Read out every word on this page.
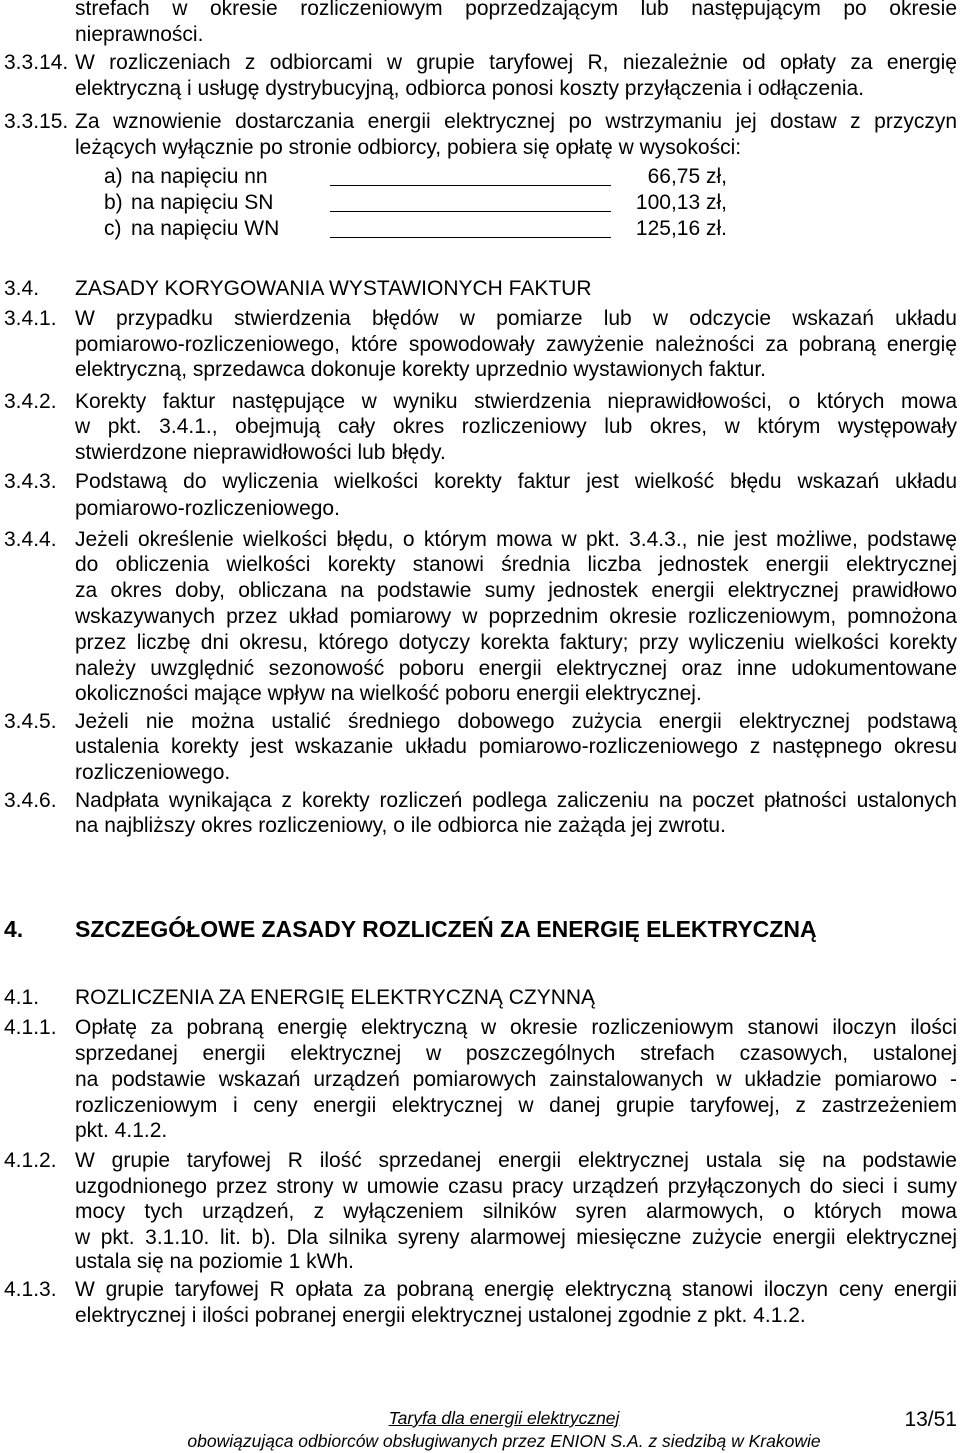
strefach w okresie rozliczeniowym poprzedzającym lub następującym po okresie
nieprawności.
3.3.14. W rozliczeniach z odbiorcami w grupie taryfowej R, niezależnie od opłaty za energię
elektryczną i usługę dystrybucyjną, odbiorca ponosi koszty przyłączenia i odłączenia.
3.3.15. Za wznowienie dostarczania energii elektrycznej po wstrzymaniu jej dostaw z przyczyn
leżących wyłącznie po stronie odbiorcy, pobiera się opłatę w wysokości:
a) na napięciu nn	66,75 zł,
b) na napięciu SN	100,13 zł,
c) na napięciu WN	125,16 zł.
3.4. ZASADY KORYGOWANIA WYSTAWIONYCH FAKTUR
3.4.1. W przypadku stwierdzenia błędów w pomiarze lub w odczycie wskazań układu
pomiarowo-rozliczeniowego, które spowodowały zawyżenie należności za pobraną energię
elektryczną, sprzedawca dokonuje korekty uprzednio wystawionych faktur.
3.4.2. Korekty faktur następujące w wyniku stwierdzenia nieprawidłowości, o których mowa
w pkt. 3.4.1., obejmują cały okres rozliczeniowy lub okres, w którym występowały
stwierdzone nieprawidłowości lub błędy.
3.4.3. Podstawą do wyliczenia wielkości korekty faktur jest wielkość błędu wskazań układu
pomiarowo-rozliczeniowego.
3.4.4. Jeżeli określenie wielkości błędu, o którym mowa w pkt. 3.4.3., nie jest możliwe, podstawę
do obliczenia wielkości korekty stanowi średnia liczba jednostek energii elektrycznej
za okres doby, obliczana na podstawie sumy jednostek energii elektrycznej prawidłowo
wskazywanych przez układ pomiarowy w poprzednim okresie rozliczeniowym, pomnożona
przez liczbę dni okresu, którego dotyczy korekta faktury; przy wyliczeniu wielkości korekty
należy uwzględnić sezonowość poboru energii elektrycznej oraz inne udokumentowane
okoliczności mające wpływ na wielkość poboru energii elektrycznej.
3.4.5. Jeżeli nie można ustalić średniego dobowego zużycia energii elektrycznej podstawą
ustalenia korekty jest wskazanie układu pomiarowo-rozliczeniowego z następnego okresu
rozliczeniowego.
3.4.6. Nadpłata wynikająca z korekty rozliczeń podlega zaliczeniu na poczet płatności ustalonych
na najbliższy okres rozliczeniowy, o ile odbiorca nie zażąda jej zwrotu.
4. SZCZEGÓŁOWE ZASADY ROZLICZEŃ ZA ENERGIĘ ELEKTRYCZNĄ
4.1. ROZLICZENIA ZA ENERGIĘ ELEKTRYCZNĄ CZYNNĄ
4.1.1. Opłatę za pobraną energię elektryczną w okresie rozliczeniowym stanowi iloczyn ilości
sprzedanej energii elektrycznej w poszczególnych strefach czasowych, ustalonej
na podstawie wskazań urządzeń pomiarowych zainstalowanych w układzie pomiarowo -
rozliczeniowym i ceny energii elektrycznej w danej grupie taryfowej, z zastrzeżeniem
pkt. 4.1.2.
4.1.2. W grupie taryfowej R ilość sprzedanej energii elektrycznej ustala się na podstawie
uzgodnionego przez strony w umowie czasu pracy urządzeń przyłączonych do sieci i sumy
mocy tych urządzeń, z wyłączeniem silników syren alarmowych, o których mowa
w pkt. 3.1.10. lit. b). Dla silnika syreny alarmowej miesięczne zużycie energii elektrycznej
ustala się na poziomie 1 kWh.
4.1.3. W grupie taryfowej R opłata za pobraną energię elektryczną stanowi iloczyn ceny energii
elektrycznej i ilości pobranej energii elektrycznej ustalonej zgodnie z pkt. 4.1.2.
Taryfa dla energii elektrycznej	13/51
obowiązująca odbiorców obsługiwanych przez ENION S.A. z siedzibą w Krakowie
